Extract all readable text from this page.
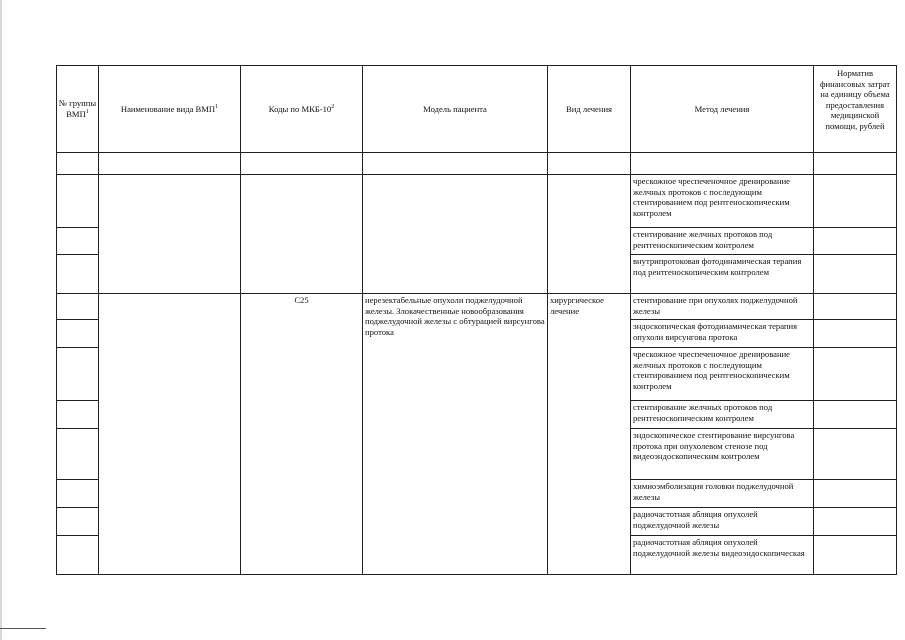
№ группы ВМП$^1$	Наименование вида ВМП$^1$	Коды по МКБ-$10^2$	Модель пациента	Вид лечения	Метод лечения	Норматив финансовых затрат на единицу объема предоставления медицинской помощи, рублей

					чрескожное чреспеченочное дренирование желчных протоков с последующим стентированием под рентгеноскопическим контролем	
					стентирование желчных протоков под рентгеноскопическим контролем	
					внутрипротоковая фотодинамическая терапия под рентгеноскопическим контролем	
		C25	нерезектабельные опухоли поджелудочной железы. Злокачественные новообразования поджелудочной железы с обтурацией вирсунгова протока	хирургическое лечение	стентирование при опухолях поджелудочной железы	
					эндоскопическая фотодинамическая терапия опухоли вирсунгова протока	
					чрескожное чреспеченочное дренирование желчных протоков с последующим стентированием под рентгеноскопическим контролем	
					стентирование желчных протоков под рентгеноскопическим контролем	
					эндоскопическое стентирование вирсунгова протока при опухолевом стенозе под видеоэндоскопическим контролем	
					химиоэмболизация головки поджелудочной железы	
					радиочастотная абляция опухолей поджелудочной железы	
					радиочастотная абляция опухолей поджелудочной железы видеоэндоскопическая	
